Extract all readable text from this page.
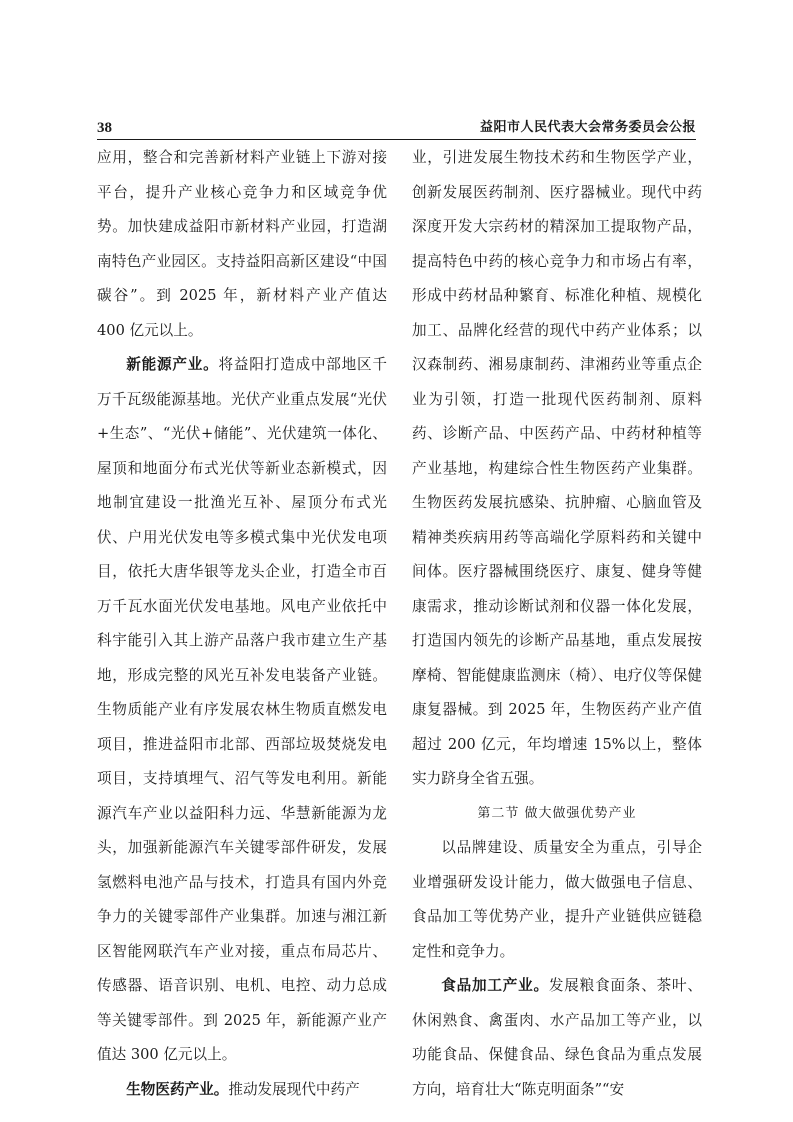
38	益阳市人民代表大会常务委员会公报

应用，整合和完善新材料产业链上下游对接平台，提升产业核心竞争力和区域竞争优势。加快建成益阳市新材料产业园，打造湖南特色产业园区。支持益阳高新区建设“中国碳谷”。到 2025 年，新材料产业产值达 400 亿元以上。

新能源产业。将益阳打造成中部地区千万千瓦级能源基地。光伏产业重点发展“光伏+生态”、“光伏+储能”、光伏建筑一体化、屋顶和地面分布式光伏等新业态新模式，因地制宜建设一批渔光互补、屋顶分布式光伏、户用光伏发电等多模式集中光伏发电项目，依托大唐华银等龙头企业，打造全市百万千瓦水面光伏发电基地。风电产业依托中科宇能引入其上游产品落户我市建立生产基地，形成完整的风光互补发电装备产业链。生物质能产业有序发展农林生物质直燃发电项目，推进益阳市北部、西部垃圾焚烧发电项目，支持填埋气、沼气等发电利用。新能源汽车产业以益阳科力远、华慧新能源为龙头，加强新能源汽车关键零部件研发，发展氢燃料电池产品与技术，打造具有国内外竞争力的关键零部件产业集群。加速与湘江新区智能网联汽车产业对接，重点布局芯片、传感器、语音识别、电机、电控、动力总成等关键零部件。到 2025 年，新能源产业产值达 300 亿元以上。

生物医药产业。推动发展现代中药产

业，引进发展生物技术药和生物医学产业，创新发展医药制剂、医疗器械业。现代中药深度开发大宗药材的精深加工提取物产品，提高特色中药的核心竞争力和市场占有率，形成中药材品种繁育、标准化种植、规模化加工、品牌化经营的现代中药产业体系；以汉森制药、湘易康制药、津湘药业等重点企业为引领，打造一批现代医药制剂、原料药、诊断产品、中医药产品、中药材种植等产业基地，构建综合性生物医药产业集群。生物医药发展抗感染、抗肿瘤、心脑血管及精神类疾病用药等高端化学原料药和关键中间体。医疗器械围绕医疗、康复、健身等健康需求，推动诊断试剂和仪器一体化发展，打造国内领先的诊断产品基地，重点发展按摩椅、智能健康监测床（椅）、电疗仪等保健康复器械。到 2025 年，生物医药产业产值超过 200 亿元，年均增速 15%以上，整体实力跻身全省五强。

第二节 做大做强优势产业

以品牌建设、质量安全为重点，引导企业增强研发设计能力，做大做强电子信息、食品加工等优势产业，提升产业链供应链稳定性和竞争力。

食品加工产业。发展粮食面条、茶叶、休闲熟食、禽蛋肉、水产品加工等产业，以功能食品、保健食品、绿色食品为重点发展方向，培育壮大“陈克明面条”“安
